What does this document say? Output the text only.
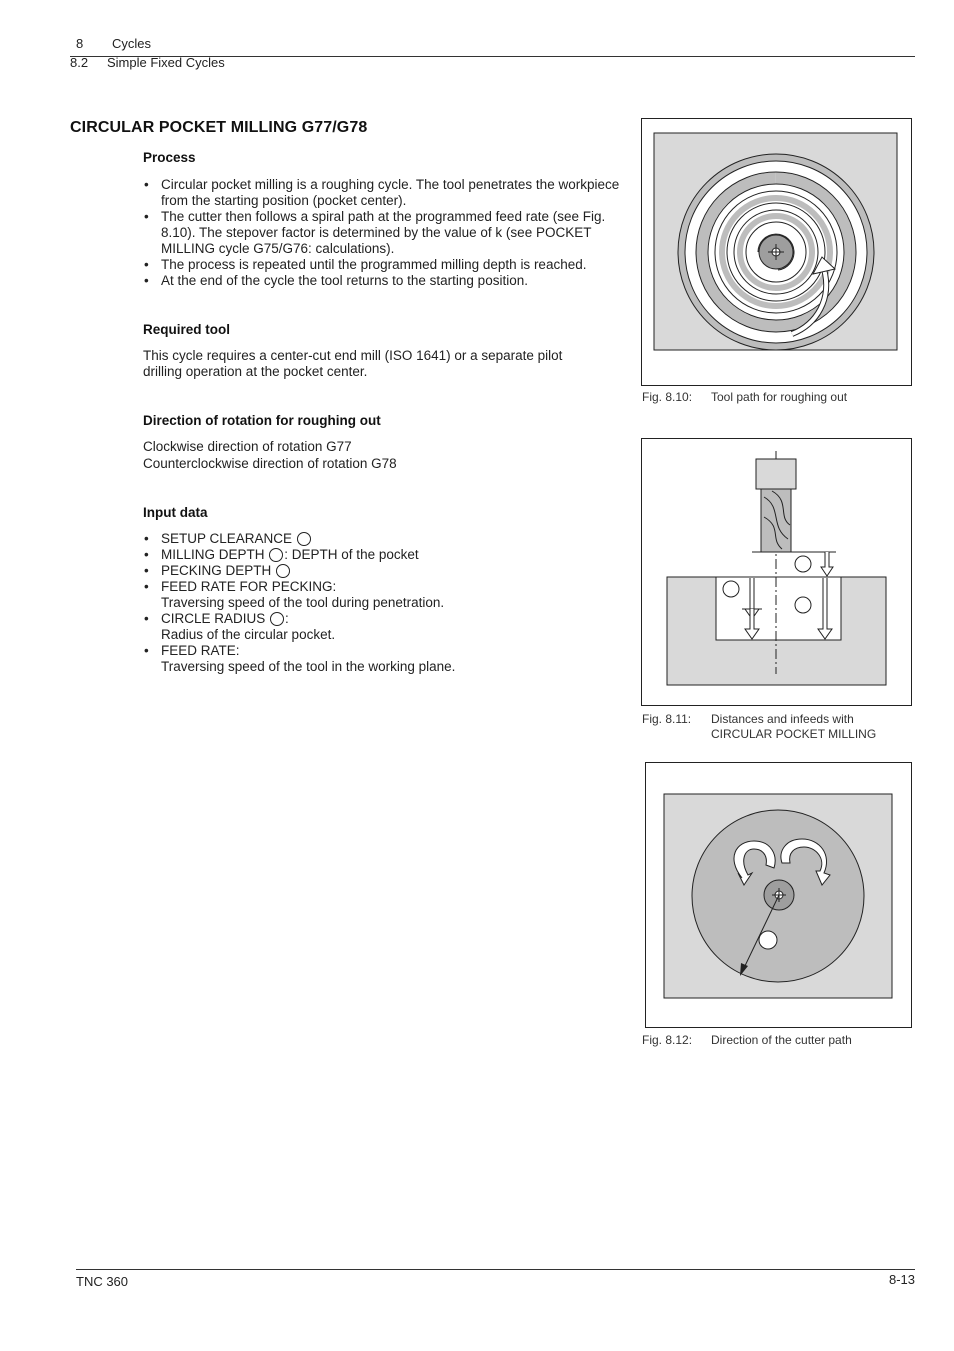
8 Cycles
8.2 Simple Fixed Cycles
CIRCULAR POCKET MILLING G77/G78
Process
• Circular pocket milling is a roughing cycle. The tool penetrates the workpiece from the starting position (pocket center).
• The cutter then follows a spiral path at the programmed feed rate (see Fig. 8.10). The stepover factor is determined by the value of k (see POCKET MILLING cycle G75/G76: calculations).
• The process is repeated until the programmed milling depth is reached.
• At the end of the cycle the tool returns to the starting position.
Required tool
This cycle requires a center-cut end mill (ISO 1641) or a separate pilot drilling operation at the pocket center.
Direction of rotation for roughing out
Clockwise direction of rotation G77
Counterclockwise direction of rotation G78
Input data
• SETUP CLEARANCE
• MILLING DEPTH : DEPTH of the pocket
• PECKING DEPTH
• FEED RATE FOR PECKING:
Traversing speed of the tool during penetration.
• CIRCLE RADIUS :
Radius of the circular pocket.
• FEED RATE:
Traversing speed of the tool in the working plane.
Fig. 8.10: Tool path for roughing out
Fig. 8.11: Distances and infeeds with
CIRCULAR POCKET MILLING
Fig. 8.12: Direction of the cutter path
TNC 360	8-13
